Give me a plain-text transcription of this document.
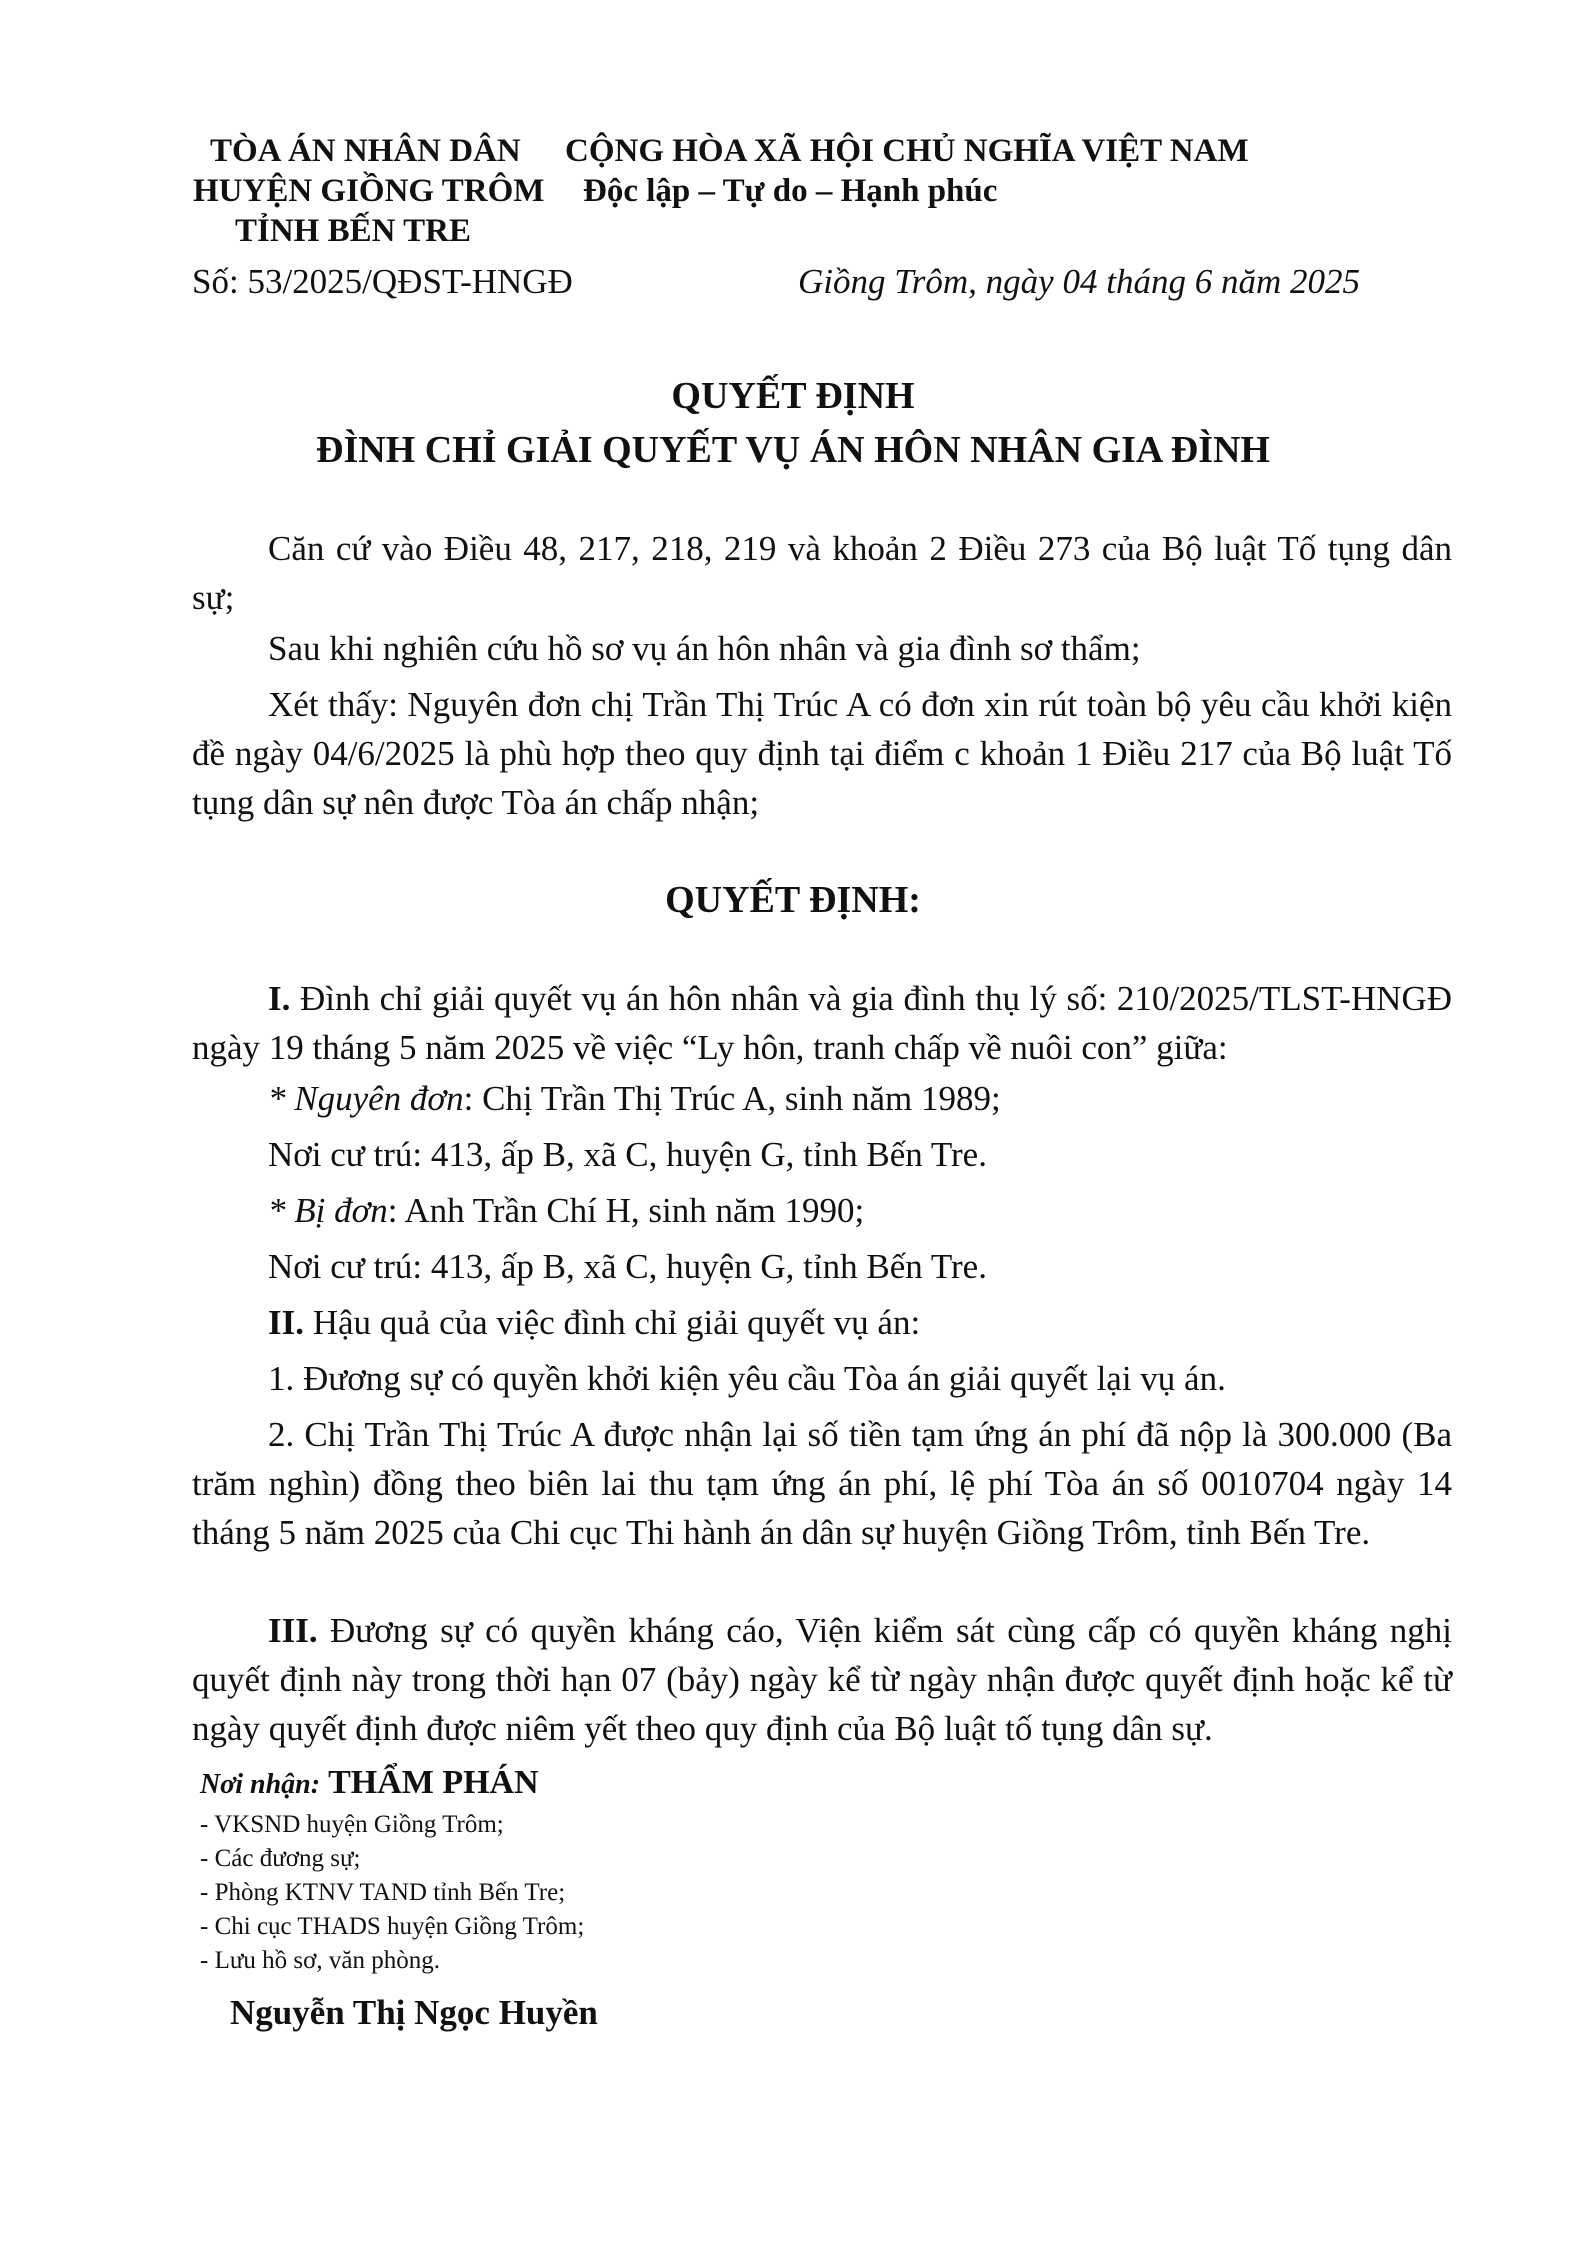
TÒA ÁN NHÂN DÂN
HUYỆN GIỒNG TRÔM
TỈNH BẾN TRE
CỘNG HÒA XÃ HỘI CHỦ NGHĨA VIỆT NAM
Độc lập – Tự do – Hạnh phúc
Số: 53/2025/QĐST-HNGĐ	Giồng Trôm, ngày 04 tháng 6 năm 2025
QUYẾT ĐỊNH
ĐÌNH CHỈ GIẢI QUYẾT VỤ ÁN HÔN NHÂN GIA ĐÌNH
Căn cứ vào Điều 48, 217, 218, 219 và khoản 2 Điều 273 của Bộ luật Tố tụng dân sự;
Sau khi nghiên cứu hồ sơ vụ án hôn nhân và gia đình sơ thẩm;
Xét thấy: Nguyên đơn chị Trần Thị Trúc A có đơn xin rút toàn bộ yêu cầu khởi kiện đề ngày 04/6/2025 là phù hợp theo quy định tại điểm c khoản 1 Điều 217 của Bộ luật Tố tụng dân sự nên được Tòa án chấp nhận;
QUYẾT ĐỊNH:
I. Đình chỉ giải quyết vụ án hôn nhân và gia đình thụ lý số: 210/2025/TLST-HNGĐ ngày 19 tháng 5 năm 2025 về việc “Ly hôn, tranh chấp về nuôi con” giữa:
* Nguyên đơn: Chị Trần Thị Trúc A, sinh năm 1989;
Nơi cư trú: 413, ấp B, xã C, huyện G, tỉnh Bến Tre.
* Bị đơn: Anh Trần Chí H, sinh năm 1990;
Nơi cư trú: 413, ấp B, xã C, huyện G, tỉnh Bến Tre.
II. Hậu quả của việc đình chỉ giải quyết vụ án:
1. Đương sự có quyền khởi kiện yêu cầu Tòa án giải quyết lại vụ án.
2. Chị Trần Thị Trúc A được nhận lại số tiền tạm ứng án phí đã nộp là 300.000 (Ba trăm nghìn) đồng theo biên lai thu tạm ứng án phí, lệ phí Tòa án số 0010704 ngày 14 tháng 5 năm 2025 của Chi cục Thi hành án dân sự huyện Giồng Trôm, tỉnh Bến Tre.
III. Đương sự có quyền kháng cáo, Viện kiểm sát cùng cấp có quyền kháng nghị quyết định này trong thời hạn 07 (bảy) ngày kể từ ngày nhận được quyết định hoặc kể từ ngày quyết định được niêm yết theo quy định của Bộ luật tố tụng dân sự.
Nơi nhận: THẨM PHÁN
- VKSND huyện Giồng Trôm;
- Các đương sự;
- Phòng KTNV TAND tỉnh Bến Tre;
- Chi cục THADS huyện Giồng Trôm;
- Lưu hồ sơ, văn phòng.
Nguyễn Thị Ngọc Huyền
